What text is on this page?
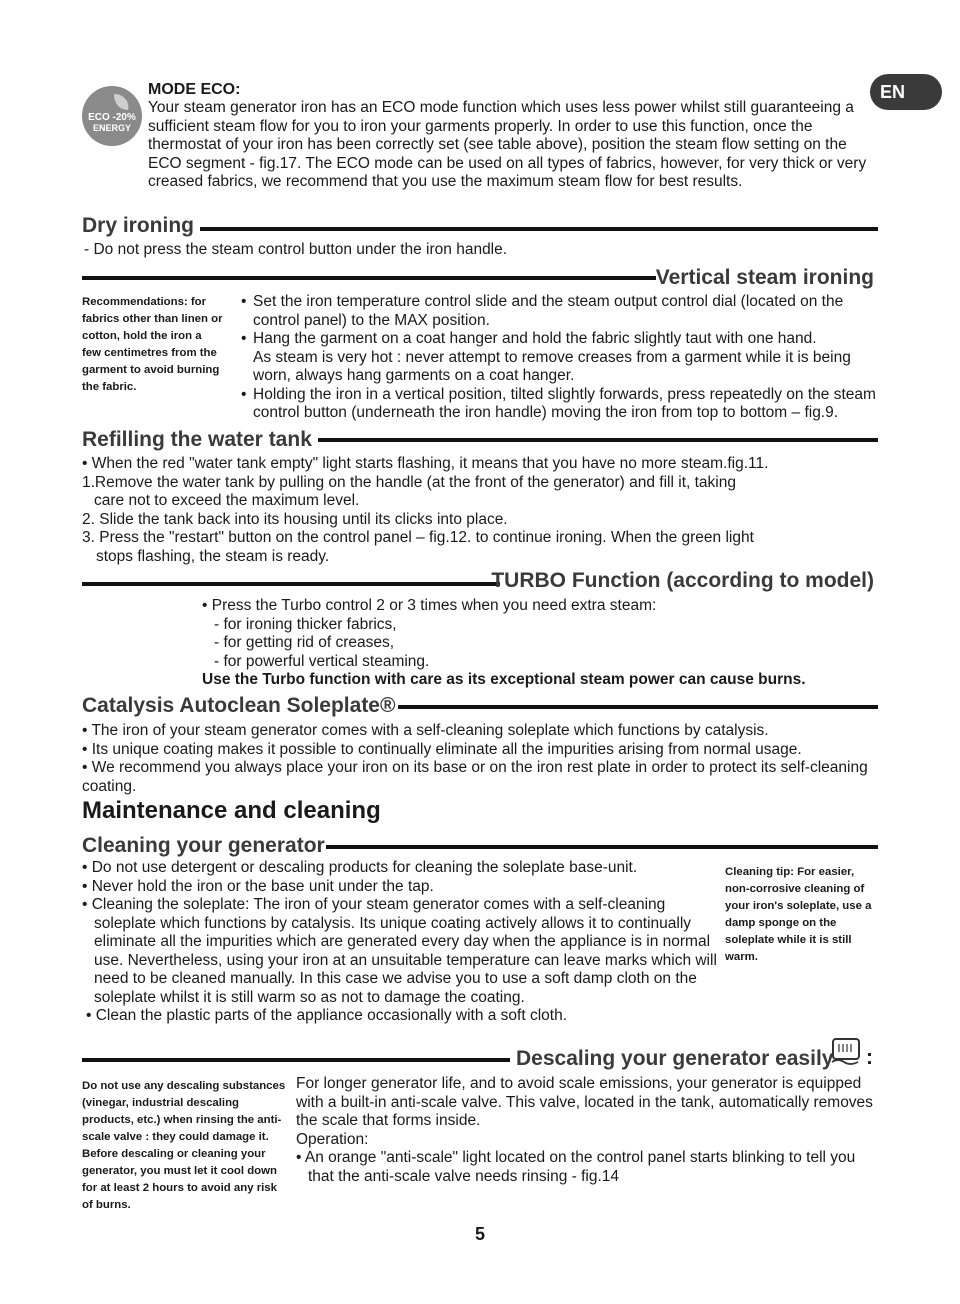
EN
ECO -20%
ENERGY

MODE ECO:

Your steam generator iron has an ECO mode function which uses less power whilst still guaranteeing a

sufficient steam flow for you to iron your garments properly. In order to use this function, once the

thermostat of your iron has been correctly set (see table above), position the steam flow setting on the

ECO segment - fig.17. The ECO mode can be used on all types of fabrics, however, for very thick or very

creased fabrics, we recommend that you use the maximum steam flow for best results.

Dry ironing
- Do not press the steam control button under the iron handle.
Vertical steam ironing

Recommendations: for

fabrics other than linen or

cotton, hold the iron a

few centimetres from the

garment to avoid burning

the fabric.

• Set the iron temperature control slide and the steam output control dial (located on the

control panel) to the MAX position.

• Hang the garment on a coat hanger and hold the fabric slightly taut with one hand.

As steam is very hot : never attempt to remove creases from a garment while it is being

worn, always hang garments on a coat hanger.

• Holding the iron in a vertical position, tilted slightly forwards, press repeatedly on the steam

control button (underneath the iron handle) moving the iron from top to bottom – fig.9.

Refilling the water tank

• When the red "water tank empty" light starts flashing, it means that you have no more steam.fig.11.

1.Remove the water tank by pulling on the handle (at the front of the generator) and fill it, taking

care not to exceed the maximum level.

2. Slide the tank back into its housing until its clicks into place.

3. Press the "restart" button on the control panel – fig.12. to continue ironing. When the green light

stops flashing, the steam is ready.

TURBO Function (according to model)

• Press the Turbo control 2 or 3 times when you need extra steam:

- for ironing thicker fabrics,

- for getting rid of creases,

- for powerful vertical steaming.

Use the Turbo function with care as its exceptional steam power can cause burns.

Catalysis Autoclean Soleplate®

• The iron of your steam generator comes with a self-cleaning soleplate which functions by catalysis.

• Its unique coating makes it possible to continually eliminate all the impurities arising from normal usage.

• We recommend you always place your iron on its base or on the iron rest plate in order to protect its self-cleaning

coating.

Maintenance and cleaning
Cleaning your generator

• Do not use detergent or descaling products for cleaning the soleplate base-unit.

• Never hold the iron or the base unit under the tap.

• Cleaning the soleplate: The iron of your steam generator comes with a self-cleaning

soleplate which functions by catalysis. Its unique coating actively allows it to continually

eliminate all the impurities which are generated every day when the appliance is in normal

use. Nevertheless, using your iron at an unsuitable temperature can leave marks which will

need to be cleaned manually. In this case we advise you to use a soft damp cloth on the

soleplate whilst it is still warm so as not to damage the coating.

• Clean the plastic parts of the appliance occasionally with a soft cloth.

Cleaning tip: For easier,

non-corrosive cleaning of

your iron's soleplate, use a

damp sponge on the

soleplate while it is still

warm.

Descaling your generator easily :

Do not use any descaling substances

(vinegar, industrial descaling

products, etc.) when rinsing the anti-

scale valve : they could damage it.

Before descaling or cleaning your

generator, you must let it cool down

for at least 2 hours to avoid any risk

of burns.

For longer generator life, and to avoid scale emissions, your generator is equipped

with a built-in anti-scale valve. This valve, located in the tank, automatically removes

the scale that forms inside.

Operation:

• An orange "anti-scale" light located on the control panel starts blinking to tell you

that the anti-scale valve needs rinsing - fig.14

5
